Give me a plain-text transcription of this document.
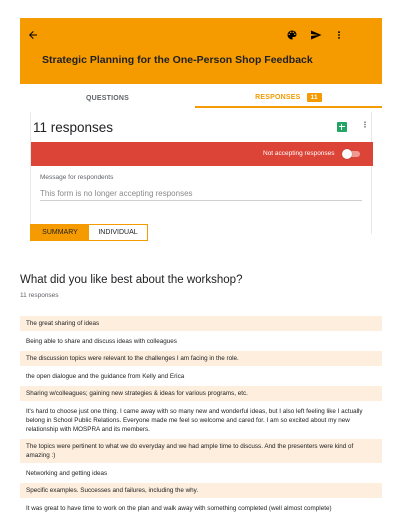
Strategic Planning for the One-Person Shop Feedback
QUESTIONS	RESPONSES	11
11 responses
Not accepting responses
Message for respondents
This form is no longer accepting responses
SUMMARY	INDIVIDUAL
What did you like best about the workshop?
11 responses
The great sharing of ideas
Being able to share and discuss ideas with colleagues
The discussion topics were relevant to the challenges I am facing in the role.
the open dialogue and the guidance from Kelly and Erica
Sharing w/colleagues; gaining new strategies & ideas for various programs, etc.
It's hard to choose just one thing. I came away with so many new and wonderful ideas, but I also left feeling like I actually belong in School Public Relations. Everyone made me feel so welcome and cared for. I am so excited about my new relationship with MOSPRA and its members.
The topics were pertinent to what we do everyday and we had ample time to discuss. And the presenters were kind of amazing :)
Networking and getting ideas
Specific examples. Successes and failures, including the why.
It was great to have time to work on the plan and walk away with something completed (well almost complete)
